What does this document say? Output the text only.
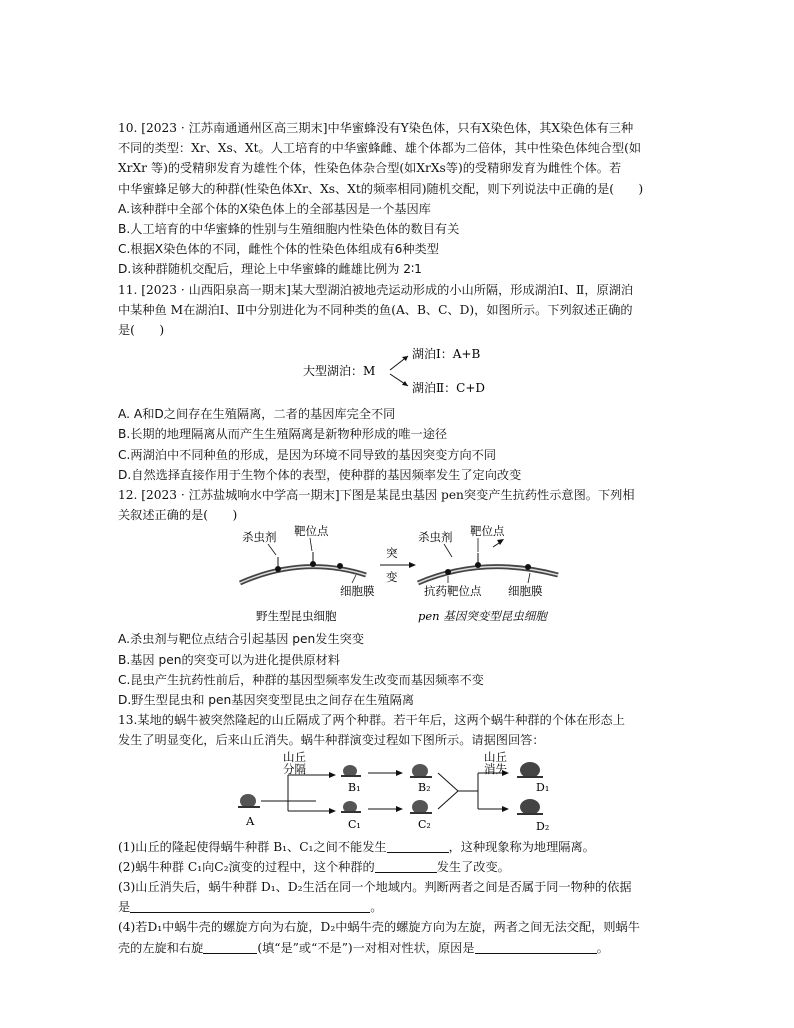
10. [2023 · 江苏南通通州区高三期末]中华蜜蜂没有Y染色体，只有X染色体，其X染色体有三种
不同的类型：Xr、Xs、Xt。人工培育的中华蜜蜂雌、雄个体都为二倍体，其中性染色体纯合型(如
XrXr 等)的受精卵发育为雄性个体，性染色体杂合型(如XrXs等)的受精卵发育为雌性个体。若
中华蜜蜂足够大的种群(性染色体Xr、Xs、Xt的频率相同)随机交配，则下列说法中正确的是(　　)
A.该种群中全部个体的X染色体上的全部基因是一个基因库
B.人工培育的中华蜜蜂的性别与生殖细胞内性染色体的数目有关
C.根据X染色体的不同，雌性个体的性染色体组成有6种类型
D.该种群随机交配后，理论上中华蜜蜂的雌雄比例为 2∶1
11. [2023 · 山西阳泉高一期末]某大型湖泊被地壳运动形成的小山所隔，形成湖泊Ⅰ、Ⅱ，原湖泊
中某种鱼 M在湖泊Ⅰ、Ⅱ中分别进化为不同种类的鱼(A、B、C、D)，如图所示。下列叙述正确的
是(　　)
大型湖泊：M
湖泊Ⅰ：A+B
湖泊Ⅱ：C+D
A. A和D之间存在生殖隔离，二者的基因库完全不同
B.长期的地理隔离从而产生生殖隔离是新物种形成的唯一途径
C.两湖泊中不同种鱼的形成，是因为环境不同导致的基因突变方向不同
D.自然选择直接作用于生物个体的表型，使种群的基因频率发生了定向改变
12. [2023 · 江苏盐城响水中学高一期末]下图是某昆虫基因 pen突变产生抗药性示意图。下列相
关叙述正确的是(　　)
杀虫剂 靶位点
细胞膜
突
变
杀虫剂 靶位点
抗药靶位点 细胞膜
野生型昆虫细胞	pen 基因突变型昆虫细胞
A.杀虫剂与靶位点结合引起基因 pen发生突变
B.基因 pen的突变可以为进化提供原材料
C.昆虫产生抗药性前后，种群的基因型频率发生改变而基因频率不变
D.野生型昆虫和 pen基因突变型昆虫之间存在生殖隔离
13.某地的蜗牛被突然隆起的山丘隔成了两个种群。若干年后，这两个蜗牛种群的个体在形态上
发生了明显变化，后来山丘消失。蜗牛种群演变过程如下图所示。请据图回答：
A
山丘
分隔
B₁
C₁
B₂
C₂
山丘
消失
D₁
D₂
(1)山丘的隆起使得蜗牛种群 B₁、C₁之间不能发生	，这种现象称为地理隔离。
(2)蜗牛种群 C₁向C₂演变的过程中，这个种群的	发生了改变。
(3)山丘消失后，蜗牛种群 D₁、D₂生活在同一个地域内。判断两者之间是否属于同一物种的依据
是	。
(4)若D₁中蜗牛壳的螺旋方向为右旋，D₂中蜗牛壳的螺旋方向为左旋，两者之间无法交配，则蜗牛
壳的左旋和右旋	(填“是”或“不是”)一对相对性状，原因是	。
